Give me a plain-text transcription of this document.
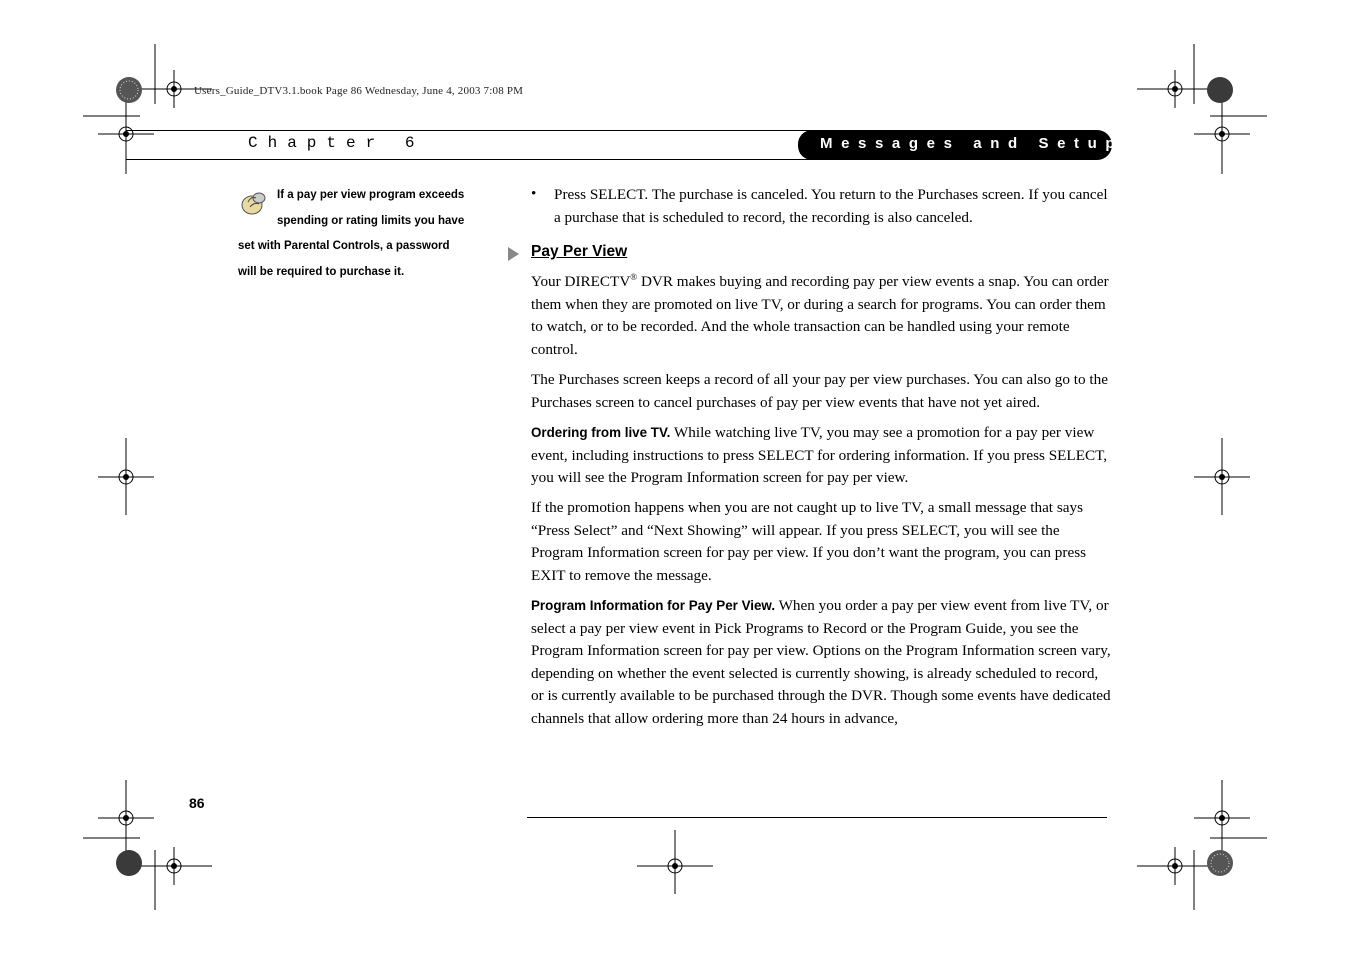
Users_Guide_DTV3.1.book Page 86 Wednesday, June 4, 2003 7:08 PM
Chapter 6	Messages and Setup
If a pay per view program exceeds
spending or rating limits you have
set with Parental Controls, a password
will be required to purchase it.
• Press SELECT. The purchase is canceled. You return to the Purchases screen. If you cancel a purchase that is scheduled to record, the recording is also canceled.
Pay Per View

Your DIRECTV® DVR makes buying and recording pay per view events a snap. You can order them when they are promoted on live TV, or during a search for programs. You can order them to watch, or to be recorded. And the whole transaction can be handled using your remote control.

The Purchases screen keeps a record of all your pay per view purchases. You can also go to the Purchases screen to cancel purchases of pay per view events that have not yet aired.

Ordering from live TV. While watching live TV, you may see a promotion for a pay per view event, including instructions to press SELECT for ordering information. If you press SELECT, you will see the Program Information screen for pay per view.

If the promotion happens when you are not caught up to live TV, a small message that says “Press Select” and “Next Showing” will appear. If you press SELECT, you will see the Program Information screen for pay per view. If you don’t want the program, you can press EXIT to remove the message.

Program Information for Pay Per View. When you order a pay per view event from live TV, or select a pay per view event in Pick Programs to Record or the Program Guide, you see the Program Information screen for pay per view. Options on the Program Information screen vary, depending on whether the event selected is currently showing, is already scheduled to record, or is currently available to be purchased through the DVR. Though some events have dedicated channels that allow ordering more than 24 hours in advance,

86
